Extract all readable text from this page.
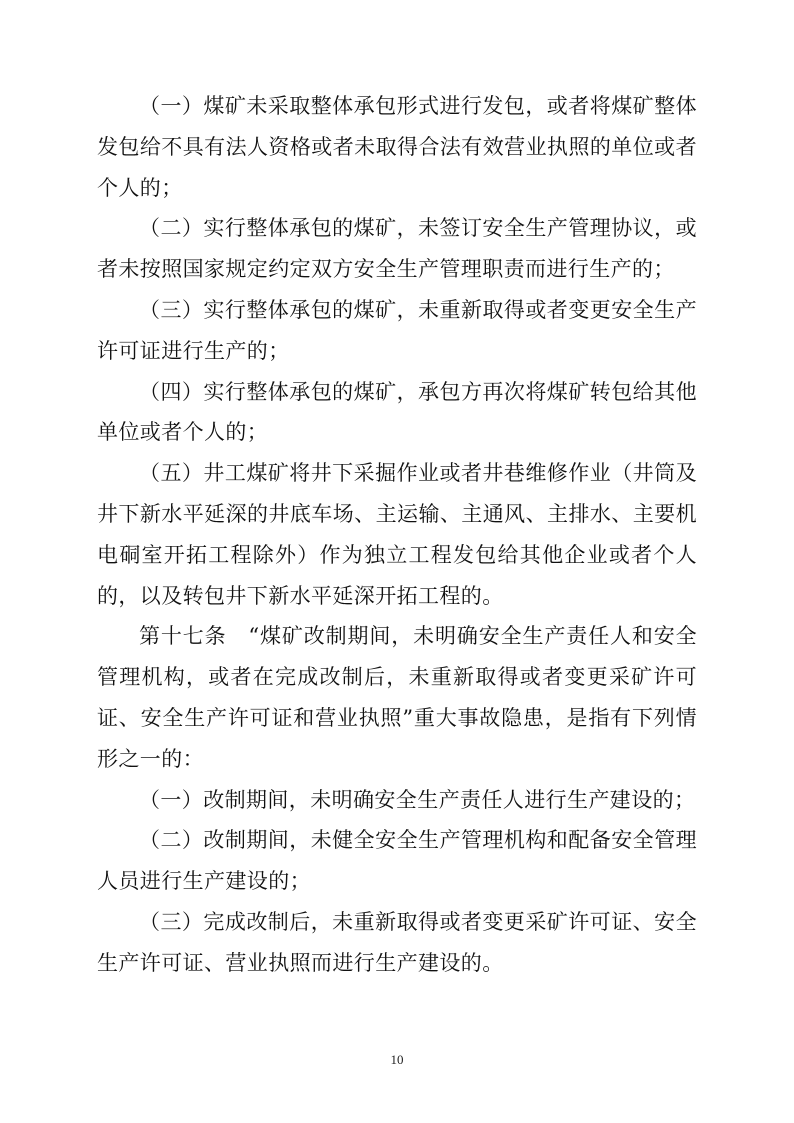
（一）煤矿未采取整体承包形式进行发包，或者将煤矿整体发包给不具有法人资格或者未取得合法有效营业执照的单位或者个人的；

（二）实行整体承包的煤矿，未签订安全生产管理协议，或者未按照国家规定约定双方安全生产管理职责而进行生产的；

（三）实行整体承包的煤矿，未重新取得或者变更安全生产许可证进行生产的；

（四）实行整体承包的煤矿，承包方再次将煤矿转包给其他单位或者个人的；

（五）井工煤矿将井下采掘作业或者井巷维修作业（井筒及井下新水平延深的井底车场、主运输、主通风、主排水、主要机电硐室开拓工程除外）作为独立工程发包给其他企业或者个人的，以及转包井下新水平延深开拓工程的。

第十七条　“煤矿改制期间，未明确安全生产责任人和安全管理机构，或者在完成改制后，未重新取得或者变更采矿许可证、安全生产许可证和营业执照”重大事故隐患，是指有下列情形之一的：

（一）改制期间，未明确安全生产责任人进行生产建设的；

（二）改制期间，未健全安全生产管理机构和配备安全管理人员进行生产建设的；

（三）完成改制后，未重新取得或者变更采矿许可证、安全生产许可证、营业执照而进行生产建设的。

10
